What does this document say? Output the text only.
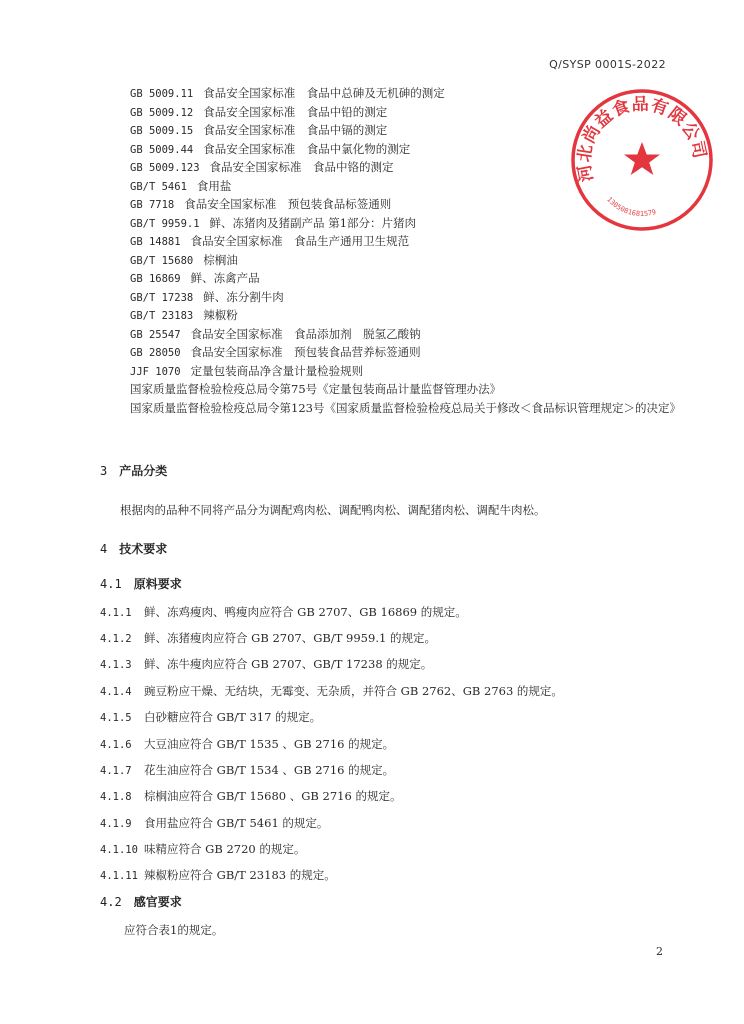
Q/SYSP 0001S-2022
河北尚益食品有限公司
1305081681579
GB 5009.11 食品安全国家标准　食品中总砷及无机砷的测定
GB 5009.12 食品安全国家标准　食品中铅的测定
GB 5009.15 食品安全国家标准　食品中镉的测定
GB 5009.44 食品安全国家标准　食品中氯化物的测定
GB 5009.123 食品安全国家标准　食品中铬的测定
GB/T 5461 食用盐
GB 7718 食品安全国家标准　预包装食品标签通则
GB/T 9959.1 鲜、冻猪肉及猪副产品 第1部分：片猪肉
GB 14881 食品安全国家标准　食品生产通用卫生规范
GB/T 15680 棕榈油
GB 16869 鲜、冻禽产品
GB/T 17238 鲜、冻分割牛肉
GB/T 23183 辣椒粉
GB 25547 食品安全国家标准　食品添加剂　脱氢乙酸钠
GB 28050 食品安全国家标准　预包装食品营养标签通则
JJF 1070 定量包装商品净含量计量检验规则
国家质量监督检验检疫总局令第75号《定量包装商品计量监督管理办法》
国家质量监督检验检疫总局令第123号《国家质量监督检验检疫总局关于修改＜食品标识管理规定＞的决定》
3 产品分类
根据肉的品种不同将产品分为调配鸡肉松、调配鸭肉松、调配猪肉松、调配牛肉松。
4 技术要求
4.1 原料要求
4.1.1 鲜、冻鸡瘦肉、鸭瘦肉应符合 GB 2707、GB 16869 的规定。
4.1.2 鲜、冻猪瘦肉应符合 GB 2707、GB/T 9959.1 的规定。
4.1.3 鲜、冻牛瘦肉应符合 GB 2707、GB/T 17238 的规定。
4.1.4 豌豆粉应干燥、无结块，无霉变、无杂质，并符合 GB 2762、GB 2763 的规定。
4.1.5 白砂糖应符合 GB/T 317 的规定。
4.1.6 大豆油应符合 GB/T 1535 、GB 2716 的规定。
4.1.7 花生油应符合 GB/T 1534 、GB 2716 的规定。
4.1.8 棕榈油应符合 GB/T 15680 、GB 2716 的规定。
4.1.9 食用盐应符合 GB/T 5461 的规定。
4.1.10 味精应符合 GB 2720 的规定。
4.1.11 辣椒粉应符合 GB/T 23183 的规定。
4.2 感官要求
应符合表1的规定。
2
